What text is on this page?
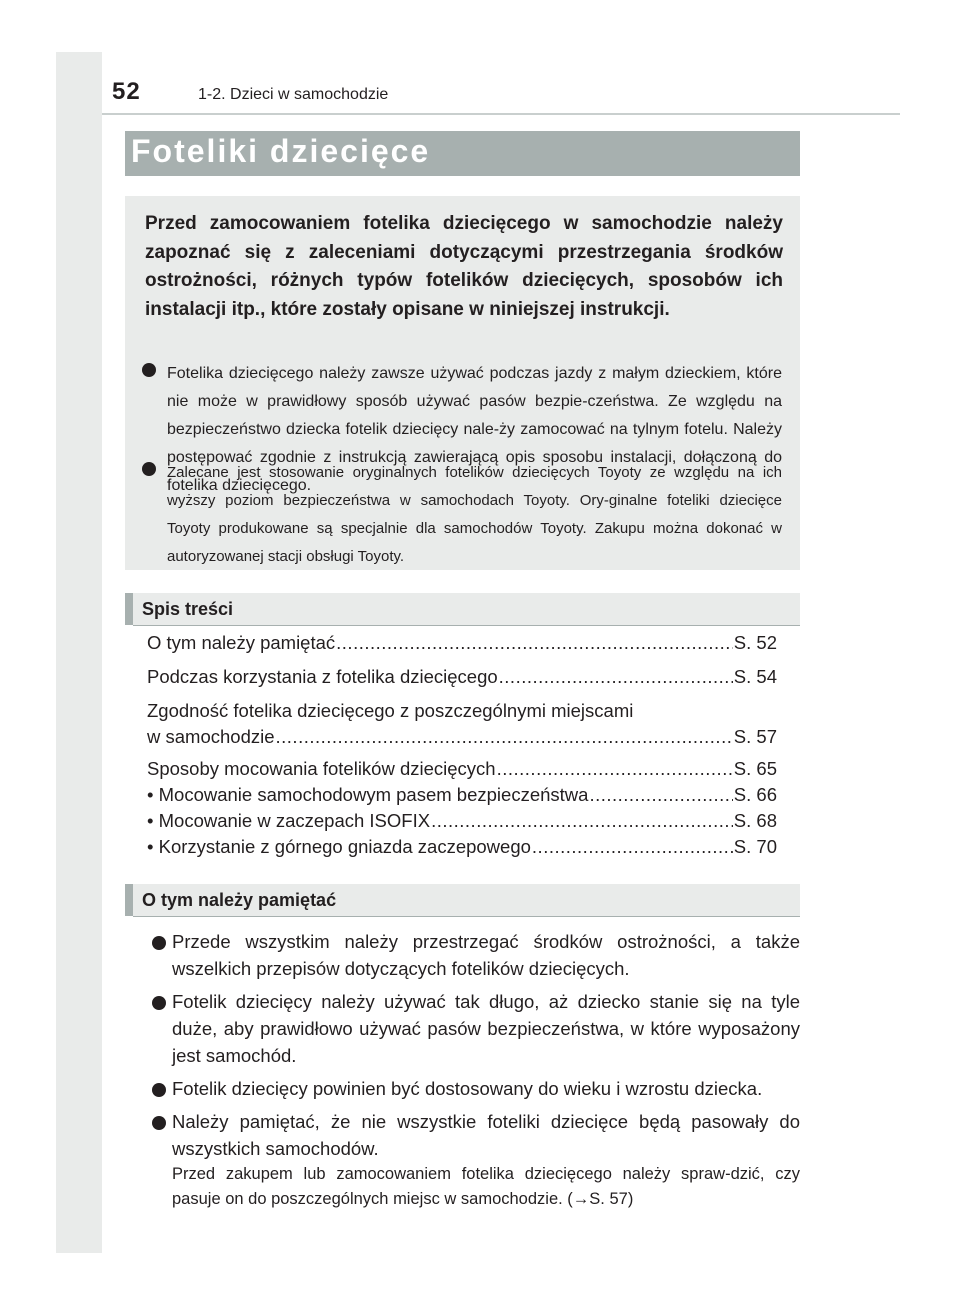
52	1-2. Dzieci w samochodzie
Foteliki dziecięce
Przed zamocowaniem fotelika dziecięcego w samochodzie należy zapoznać się z zaleceniami dotyczącymi przestrzegania środków ostrożności, różnych typów fotelików dziecięcych, sposobów ich instalacji itp., które zostały opisane w niniejszej instrukcji.
Fotelika dziecięcego należy zawsze używać podczas jazdy z małym dzieckiem, które nie może w prawidłowy sposób używać pasów bezpie-czeństwa. Ze względu na bezpieczeństwo dziecka fotelik dziecięcy nale-ży zamocować na tylnym fotelu. Należy postępować zgodnie z instrukcją zawierającą opis sposobu instalacji, dołączoną do fotelika dziecięcego.
Zalecane jest stosowanie oryginalnych fotelików dziecięcych Toyoty ze względu na ich wyższy poziom bezpieczeństwa w samochodach Toyoty. Ory-ginalne foteliki dziecięce Toyoty produkowane są specjalnie dla samochodów Toyoty. Zakupu można dokonać w autoryzowanej stacji obsługi Toyoty.
Spis treści
O tym należy pamiętać .....	S. 52
Podczas korzystania z fotelika dziecięcego .....	S. 54
Zgodność fotelika dziecięcego z poszczególnymi miejscami
w samochodzie .....	S. 57
Sposoby mocowania fotelików dziecięcych .....	S. 65
• Mocowanie samochodowym pasem bezpieczeństwa .....	S. 66
• Mocowanie w zaczepach ISOFIX .....	S. 68
• Korzystanie z górnego gniazda zaczepowego .....	S. 70
O tym należy pamiętać
Przede wszystkim należy przestrzegać środków ostrożności, a także wszelkich przepisów dotyczących fotelików dziecięcych.
Fotelik dziecięcy należy używać tak długo, aż dziecko stanie się na tyle duże, aby prawidłowo używać pasów bezpieczeństwa, w które wyposażony jest samochód.
Fotelik dziecięcy powinien być dostosowany do wieku i wzrostu dziecka.
Należy pamiętać, że nie wszystkie foteliki dziecięce będą pasowały do wszystkich samochodów.
Przed zakupem lub zamocowaniem fotelika dziecięcego należy spraw-dzić, czy pasuje on do poszczególnych miejsc w samochodzie. (→S. 57)
